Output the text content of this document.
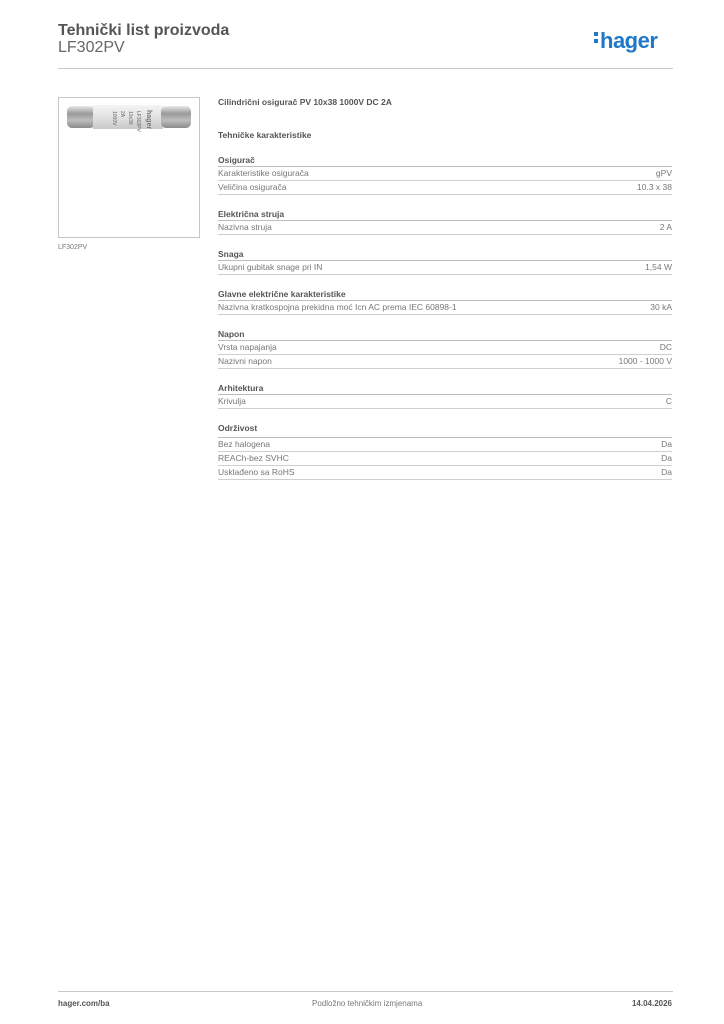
Tehnički list proizvoda
LF302PV	hager
LF302PV
10x38
2A
1000V	hager
LF302PV
Cilindrični osigurač PV 10x38 1000V DC 2A
Tehničke karakteristike
Osigurač
Karakteristike osigurača	gPV
Veličina osigurača	10.3 x 38
Električna struja
Nazivna struja	2 A
Snaga
Ukupni gubitak snage pri IN	1,54 W
Glavne električne karakteristike
Nazivna kratkospojna prekidna moć Icn AC prema IEC 60898-1	30 kA
Napon
Vrsta napajanja	DC
Nazivni napon	1000 - 1000 V
Arhitektura
Krivulja	C
Održivost
Bez halogena	Da
REACh-bez SVHC	Da
Usklađeno sa RoHS	Da
hager.com/ba	Podložno tehničkim izmjenama	14.04.2026
